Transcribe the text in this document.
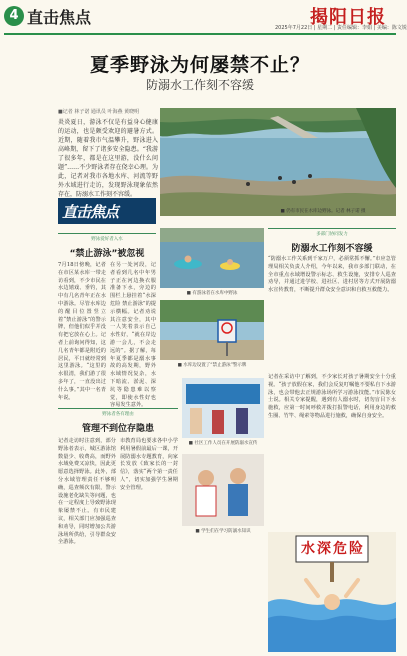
4 直击焦点	揭阳日报
2025年7月22日 | 星期二 | 责任编辑：李娟 | 美编：陈文锐
夏季野泳为何屡禁不止？
防溺水工作刻不容缓
■记者 林子诺 通讯员 叶海燕 黄晓明
炎炎夏日，游泳不仅是有益身心健康的运动，也是颇受欢迎的避暑方式。近期，随着我市气温攀升，野泳进入高峰期，留下了诸多安全隐患。“我游了很多年，都是在这里游，没什么问题”……不少野泳者存在侥幸心理。为此，记者对我市各地水库、河流等野外水域进行走访，发现野泳现象依然存在，防溺水工作刻不容缓。
■ 仍有市民在水库边野泳。记者 林子诺 摄
直击焦点
野泳爱好者入水
“禁止游泳”被忽视
7月18日傍晚，记者在市区某水库一带走访看到，不少市民在水边嬉戏、垂钓，其中有几名青年正在水中游泳。尽管水库边的醒目位置竖立着“禁止游泳”的警示牌，但他们似乎并没有把它放在心上。记者上前询问得知，这几名青年都是附近的居民，平日就经常到这里游泳。“这里的水很清，我们游了很多年了，一直没出过什么事。”其中一名青年说。
在另一处河段，记者看到几名中年男子正在河边换衣服准备下水，旁边的围栏上悬挂着“水深危险 禁止游泳”的提示横幅。记者劝说其注意安全，其中一人笑着表示自己水性好，“就在岸边游一会儿，不会走远的”。据了解，每年夏季都是溺水事故的高发期，野外水域情况复杂，水下暗流、淤泥、深坑等隐患难以察觉，即使水性好也容易发生意外。
野泳者各有理由
管理不到位存隐患
记者走访时注意到，部分野泳者表示，城区游泳馆数量少、收费高，而野外水域免费又凉快，因此更愿意选择野泳。此外，部分水域管理责任不够明确，巡查频次有限，警示设施老化缺失等问题，也在一定程度上导致野泳现象屡禁不止。有市民建议，相关部门应加强巡查和劝导，同时增加公共游泳场所供给，引导群众安全游泳。
市教育局也要求各中小学利用暑假前最后一课，开展防溺水专题教育，向家长发放《致家长的一封信》，落实“两个第一责任人”，切实加强学生暑期安全管理。
■ 有游泳者在水库中野泳
■ 水库边设置了“禁止游泳”警示牌
■ 社区工作人员在开展防溺水宣传
■ 学生们在学习防溺水知识
多部门协同发力
防溺水工作刻不容缓
“防溺水工作关系到千家万户，必须常抓不懈。”市应急管理局相关负责人介绍，今年以来，我市多部门联动，在全市重点水域增设警示标志、救生设施，安排专人巡查劝导，并通过进学校、进社区、进村居等方式开展防溺水宣传教育，不断提升群众安全意识和自救互救能力。
记者在采访中了解到，不少家长对孩子暑期安全十分重视。“孩子放假在家，我们会反复叮嘱他不要私自下水游泳，也会带他去正规游泳场所学习游泳技能。”市民陈女士说。相关专家提醒，遇到有人溺水时，切勿盲目下水施救，应第一时间呼救并拨打报警电话，利用身边的救生圈、竹竿、绳索等物品进行施救，确保自身安全。
水深危险
